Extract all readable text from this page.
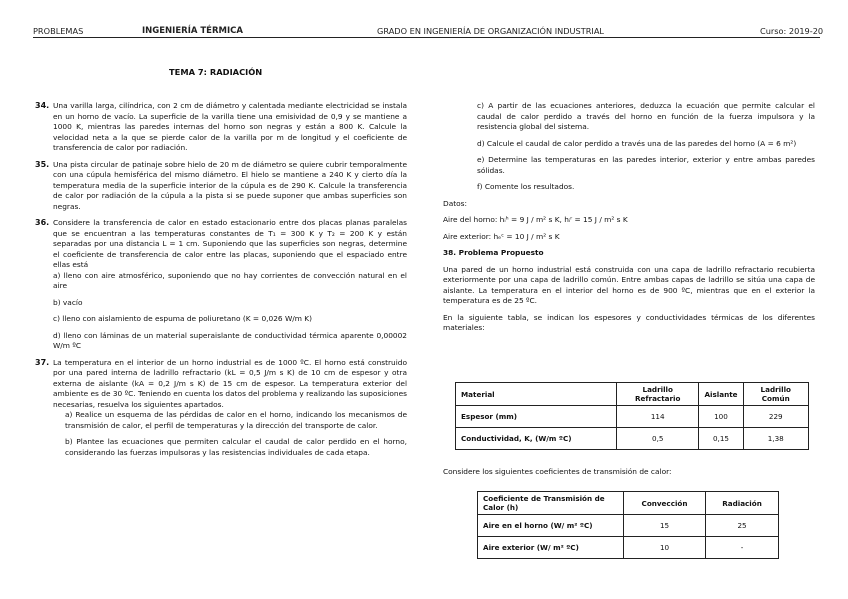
PROBLEMAS	INGENIERÍA TÉRMICA	GRADO EN INGENIERÍA DE ORGANIZACIÓN INDUSTRIAL	Curso: 2019-20
TEMA 7: RADIACIÓN
34. Una varilla larga, cilíndrica, con 2 cm de diámetro y calentada mediante electricidad se instala en un horno de vacío. La superficie de la varilla tiene una emisividad de 0,9 y se mantiene a 1000 K, mientras las paredes internas del horno son negras y están a 800 K. Calcule la velocidad neta a la que se pierde calor de la varilla por m de longitud y el coeficiente de transferencia de calor por radiación.
35. Una pista circular de patinaje sobre hielo de 20 m de diámetro se quiere cubrir temporalmente con una cúpula hemisférica del mismo diámetro. El hielo se mantiene a 240 K y cierto día la temperatura media de la superficie interior de la cúpula es de 290 K. Calcule la transferencia de calor por radiación de la cúpula a la pista si se puede suponer que ambas superficies son negras.
36. Considere la transferencia de calor en estado estacionario entre dos placas planas paralelas que se encuentran a las temperaturas constantes de T₁ = 300 K y T₂ = 200 K y están separadas por una distancia L = 1 cm. Suponiendo que las superficies son negras, determine el coeficiente de transferencia de calor entre las placas, suponiendo que el espaciado entre ellas está

a) lleno con aire atmosférico, suponiendo que no hay corrientes de convección natural en el aire

b) vacío

c) lleno con aislamiento de espuma de poliuretano (K = 0,026 W/m K)

d) lleno con láminas de un material superaislante de conductividad térmica aparente 0,00002 W/m ºC

37. La temperatura en el interior de un horno industrial es de 1000 ºC. El horno está construido por una pared interna de ladrillo refractario (kL = 0,5 J/m s K) de 10 cm de espesor y otra externa de aislante (kA = 0,2 J/m s K) de 15 cm de espesor. La temperatura exterior del ambiente es de 30 ºC. Teniendo en cuenta los datos del problema y realizando las suposiciones necesarias, resuelva los siguientes apartados.

a) Realice un esquema de las pérdidas de calor en el horno, indicando los mecanismos de transmisión de calor, el perfil de temperaturas y la dirección del transporte de calor.

b) Plantee las ecuaciones que permiten calcular el caudal de calor perdido en el horno, considerando las fuerzas impulsoras y las resistencias individuales de cada etapa.

c) A partir de las ecuaciones anteriores, deduzca la ecuación que permite calcular el caudal de calor perdido a través del horno en función de la fuerza impulsora y la resistencia global del sistema.

d) Calcule el caudal de calor perdido a través una de las paredes del horno (A = 6 m²)

e) Determine las temperaturas en las paredes interior, exterior y entre ambas paredes sólidas.

f) Comente los resultados.

Datos:

Aire del horno: hᵢʰ = 9 J / m² s K, hᵢʳ = 15 J / m² s K

Aire exterior: hₑᶜ = 10 J / m² s K

38. Problema Propuesto

Una pared de un horno industrial está construida con una capa de ladrillo refractario recubierta exteriormente por una capa de ladrillo común. Entre ambas capas de ladrillo se sitúa una capa de aislante. La temperatura en el interior del horno es de 900 ºC, mientras que en el exterior la temperatura es de 25 ºC.

En la siguiente tabla, se indican los espesores y conductividades térmicas de los diferentes materiales:

Material	Ladrillo Refractario	Aislante	Ladrillo Común
Espesor (mm)	114	100	229
Conductividad, K, (W/m ºC)	0,5	0,15	1,38
Considere los siguientes coeficientes de transmisión de calor:
Coeficiente de Transmisión de Calor (h)	Convección	Radiación
Aire en el horno (W/ m² ºC)	15	25
Aire exterior (W/ m² ºC)	10	-
